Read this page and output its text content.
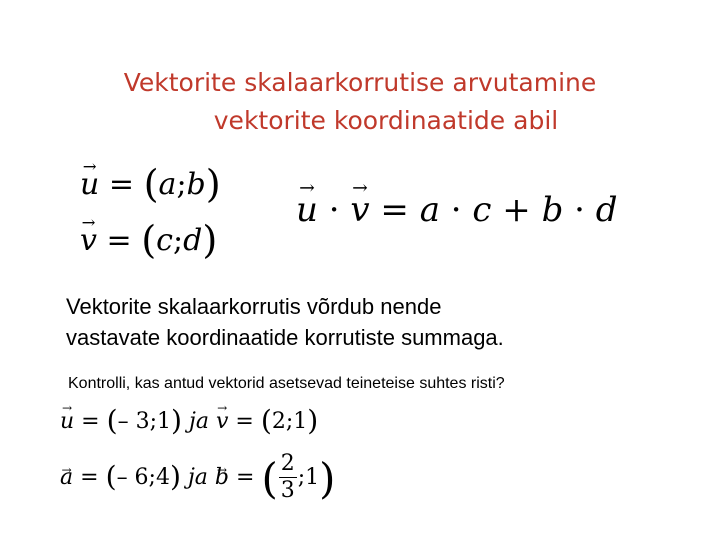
Vektorite skalaarkorrutise arvutamine
vektorite koordinaatide abil
→ u = (a;b)
→ v = (c;d)
→ u · → v = a · c + b · d
Vektorite skalaarkorrutis võrdub nende
vastavate koordinaatide korrutiste summaga.
Kontrolli, kas antud vektorid asetsevad teineteise suhtes risti?
→ u = (– 3;1) ja → v = (2;1)
→ a = (– 6;4) ja → b = ( $\frac{2}{3}$ ;1)
